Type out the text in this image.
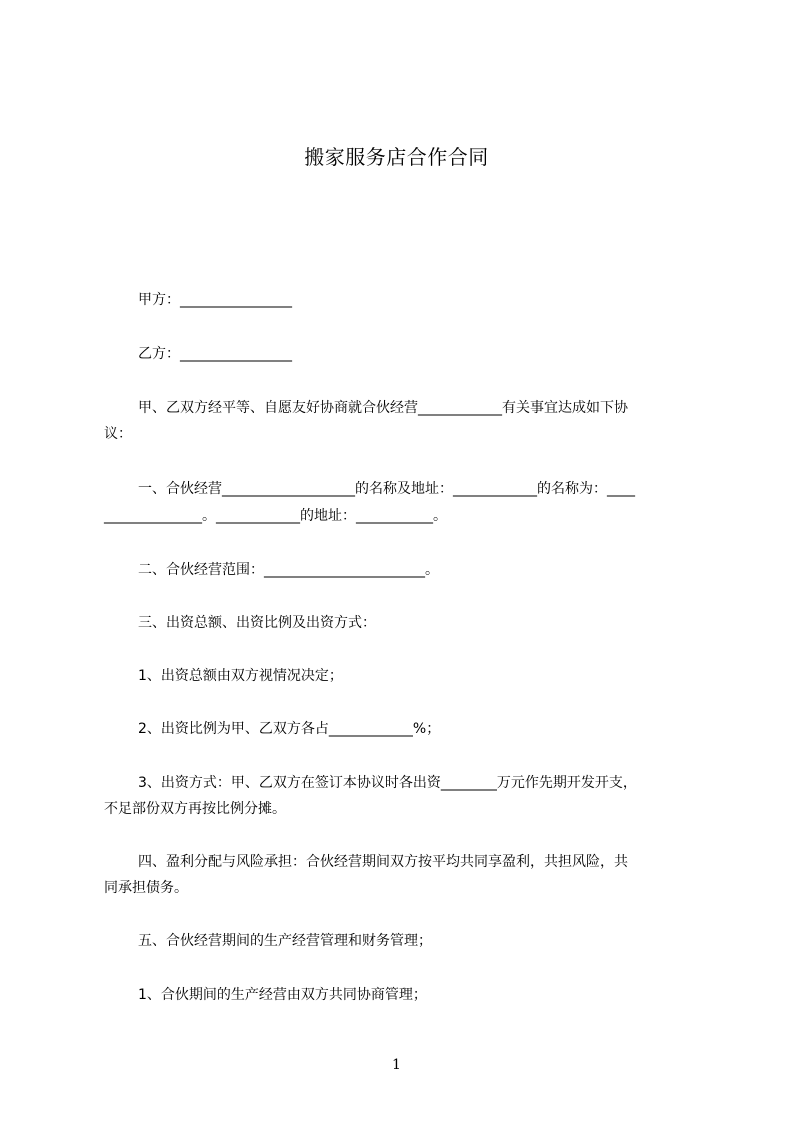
搬家服务店合作合同

甲方：________________

乙方：________________

甲、乙双方经平等、自愿友好协商就合伙经营____________有关事宜达成如下协

议：

一、合伙经营___________________的名称及地址：____________的名称为：____

______________。____________的地址：___________。

二、合伙经营范围：_______________________。

三、出资总额、出资比例及出资方式：

1、出资总额由双方视情况决定；

2、出资比例为甲、乙双方各占____________%；

3、出资方式：甲、乙双方在签订本协议时各出资________万元作先期开发开支，

不足部份双方再按比例分摊。

四、盈利分配与风险承担：合伙经营期间双方按平均共同享盈利，共担风险，共

同承担债务。

五、合伙经营期间的生产经营管理和财务管理；

1、合伙期间的生产经营由双方共同协商管理；

1
